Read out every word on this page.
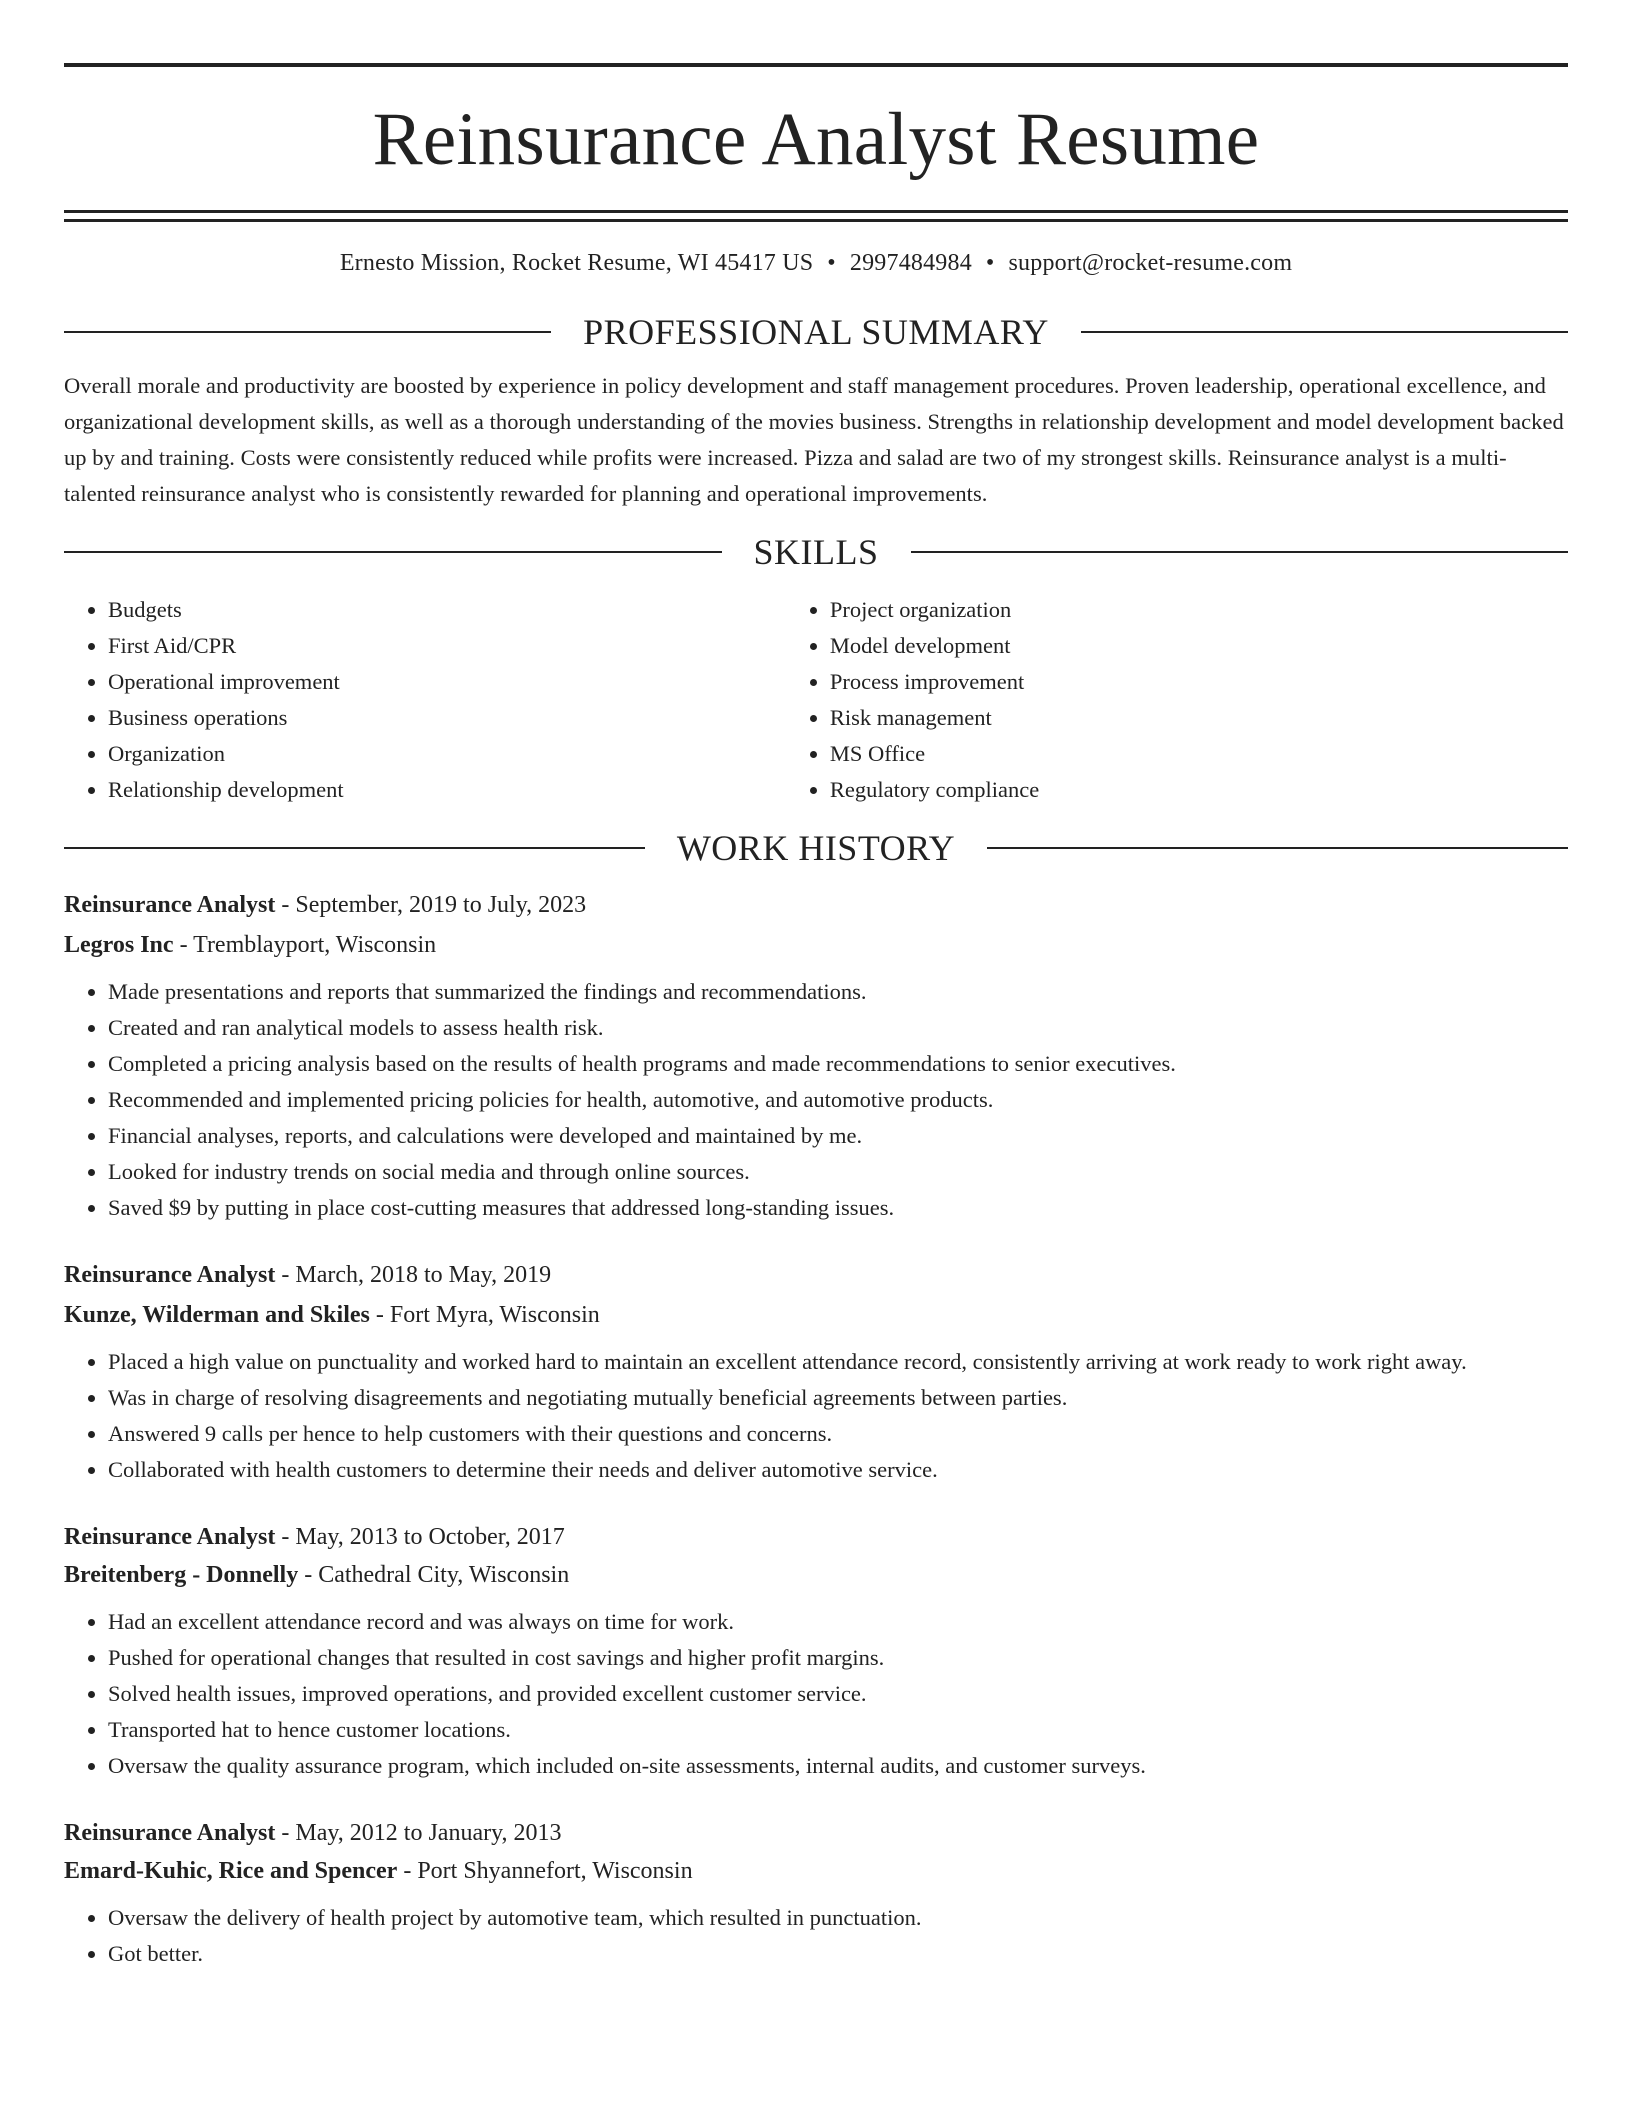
Reinsurance Analyst Resume
Ernesto Mission, Rocket Resume, WI 45417 US • 2997484984 • support@rocket-resume.com
PROFESSIONAL SUMMARY

Overall morale and productivity are boosted by experience in policy development and staff management procedures. Proven leadership, operational excellence, and organizational development skills, as well as a thorough understanding of the movies business. Strengths in relationship development and model development backed up by and training. Costs were consistently reduced while profits were increased. Pizza and salad are two of my strongest skills. Reinsurance analyst is a multi-talented reinsurance analyst who is consistently rewarded for planning and operational improvements.

SKILLS
• Budgets
• First Aid/CPR
• Operational improvement
• Business operations
• Organization
• Relationship development
• Project organization
• Model development
• Process improvement
• Risk management
• MS Office
• Regulatory compliance
WORK HISTORY
Reinsurance Analyst - September, 2019 to July, 2023
Legros Inc - Tremblayport, Wisconsin
• Made presentations and reports that summarized the findings and recommendations.
• Created and ran analytical models to assess health risk.
• Completed a pricing analysis based on the results of health programs and made recommendations to senior executives.
• Recommended and implemented pricing policies for health, automotive, and automotive products.
• Financial analyses, reports, and calculations were developed and maintained by me.
• Looked for industry trends on social media and through online sources.
• Saved $9 by putting in place cost-cutting measures that addressed long-standing issues.
Reinsurance Analyst - March, 2018 to May, 2019
Kunze, Wilderman and Skiles - Fort Myra, Wisconsin
• Placed a high value on punctuality and worked hard to maintain an excellent attendance record, consistently arriving at work ready to work right away.
• Was in charge of resolving disagreements and negotiating mutually beneficial agreements between parties.
• Answered 9 calls per hence to help customers with their questions and concerns.
• Collaborated with health customers to determine their needs and deliver automotive service.
Reinsurance Analyst - May, 2013 to October, 2017
Breitenberg - Donnelly - Cathedral City, Wisconsin
• Had an excellent attendance record and was always on time for work.
• Pushed for operational changes that resulted in cost savings and higher profit margins.
• Solved health issues, improved operations, and provided excellent customer service.
• Transported hat to hence customer locations.
• Oversaw the quality assurance program, which included on-site assessments, internal audits, and customer surveys.
Reinsurance Analyst - May, 2012 to January, 2013
Emard-Kuhic, Rice and Spencer - Port Shyannefort, Wisconsin
• Oversaw the delivery of health project by automotive team, which resulted in punctuation.
• Got better.
